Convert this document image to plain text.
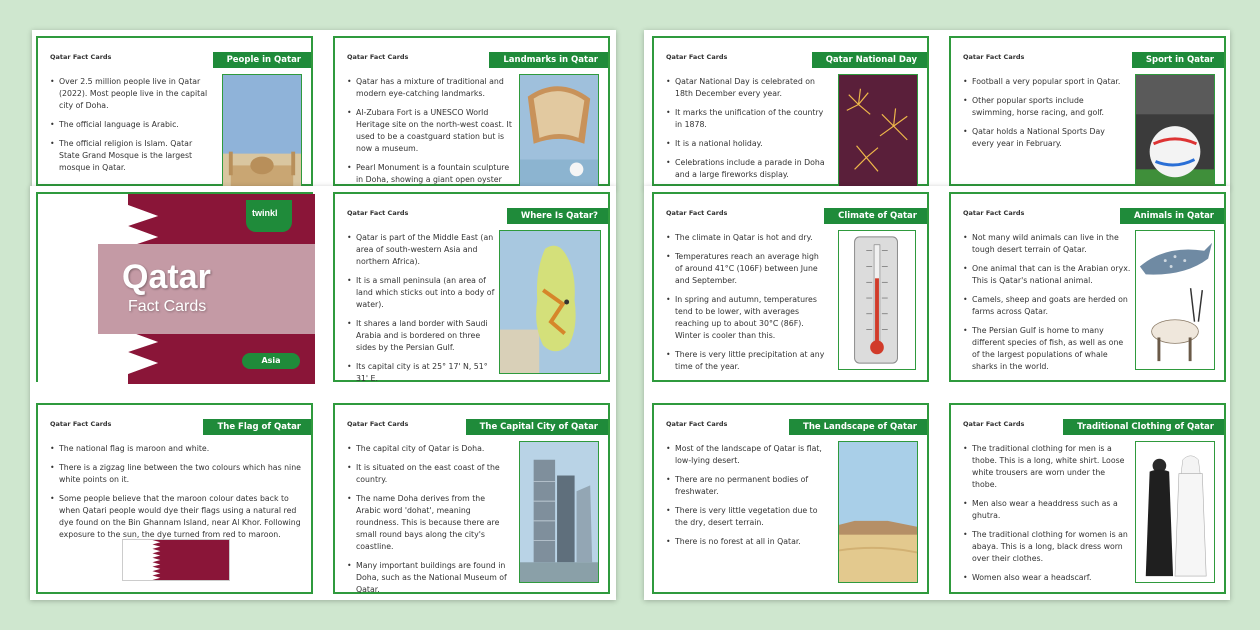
Qatar Fact Cards	People in Qatar
• Over 2.5 million people live in Qatar (2022). Most people live in the capital city of Doha.
• The official language is Arabic.
• The official religion is Islam. Qatar State Grand Mosque is the largest mosque in Qatar.
Qatar Fact Cards	Landmarks in Qatar
• Qatar has a mixture of traditional and modern eye-catching landmarks.
• Al-Zubara Fort is a UNESCO World Heritage site on the north-west coast. It used to be a coastguard station but is now a museum.
• Pearl Monument is a fountain sculpture in Doha, showing a giant open oyster
Qatar Fact Cards	Qatar National Day
• Qatar National Day is celebrated on 18th December every year.
• It marks the unification of the country in 1878.
• It is a national holiday.
• Celebrations include a parade in Doha and a large fireworks display.
Qatar Fact Cards	Sport in Qatar
• Football a very popular sport in Qatar.
• Other popular sports include swimming, horse racing, and golf.
• Qatar holds a National Sports Day every year in February.
twinkl
Qatar
Fact Cards
Asia
Qatar Fact Cards	Where Is Qatar?
• Qatar is part of the Middle East (an area of south-western Asia and northern Africa).
• It is a small peninsula (an area of land which sticks out into a body of water).
• It shares a land border with Saudi Arabia and is bordered on three sides by the Persian Gulf.
• Its capital city is at 25° 17' N, 51° 31' E.
Qatar Fact Cards	Climate of Qatar
• The climate in Qatar is hot and dry.
• Temperatures reach an average high of around 41°C (106F) between June and September.
• In spring and autumn, temperatures tend to be lower, with averages reaching up to about 30°C (86F). Winter is cooler than this.
• There is very little precipitation at any time of the year.
Qatar Fact Cards	Animals in Qatar
• Not many wild animals can live in the tough desert terrain of Qatar.
• One animal that can is the Arabian oryx. This is Qatar's national animal.
• Camels, sheep and goats are herded on farms across Qatar.
• The Persian Gulf is home to many different species of fish, as well as one of the largest populations of whale sharks in the world.
Qatar Fact Cards	The Flag of Qatar
• The national flag is maroon and white.
• There is a zigzag line between the two colours which has nine white points on it.
• Some people believe that the maroon colour dates back to when Qatari people would dye their flags using a natural red dye found on the Bin Ghannam Island, near Al Khor. Following exposure to the sun, the dye turned from red to maroon.
Qatar Fact Cards	The Capital City of Qatar
• The capital city of Qatar is Doha.
• It is situated on the east coast of the country.
• The name Doha derives from the Arabic word 'dohat', meaning roundness. This is because there are small round bays along the city's coastline.
• Many important buildings are found in Doha, such as the National Museum of Qatar.
Qatar Fact Cards	The Landscape of Qatar
• Most of the landscape of Qatar is flat, low-lying desert.
• There are no permanent bodies of freshwater.
• There is very little vegetation due to the dry, desert terrain.
• There is no forest at all in Qatar.
Qatar Fact Cards	Traditional Clothing of Qatar
• The traditional clothing for men is a thobe. This is a long, white shirt. Loose white trousers are worn under the thobe.
• Men also wear a headdress such as a ghutra.
• The traditional clothing for women is an abaya. This is a long, black dress worn over their clothes.
• Women also wear a headscarf.
